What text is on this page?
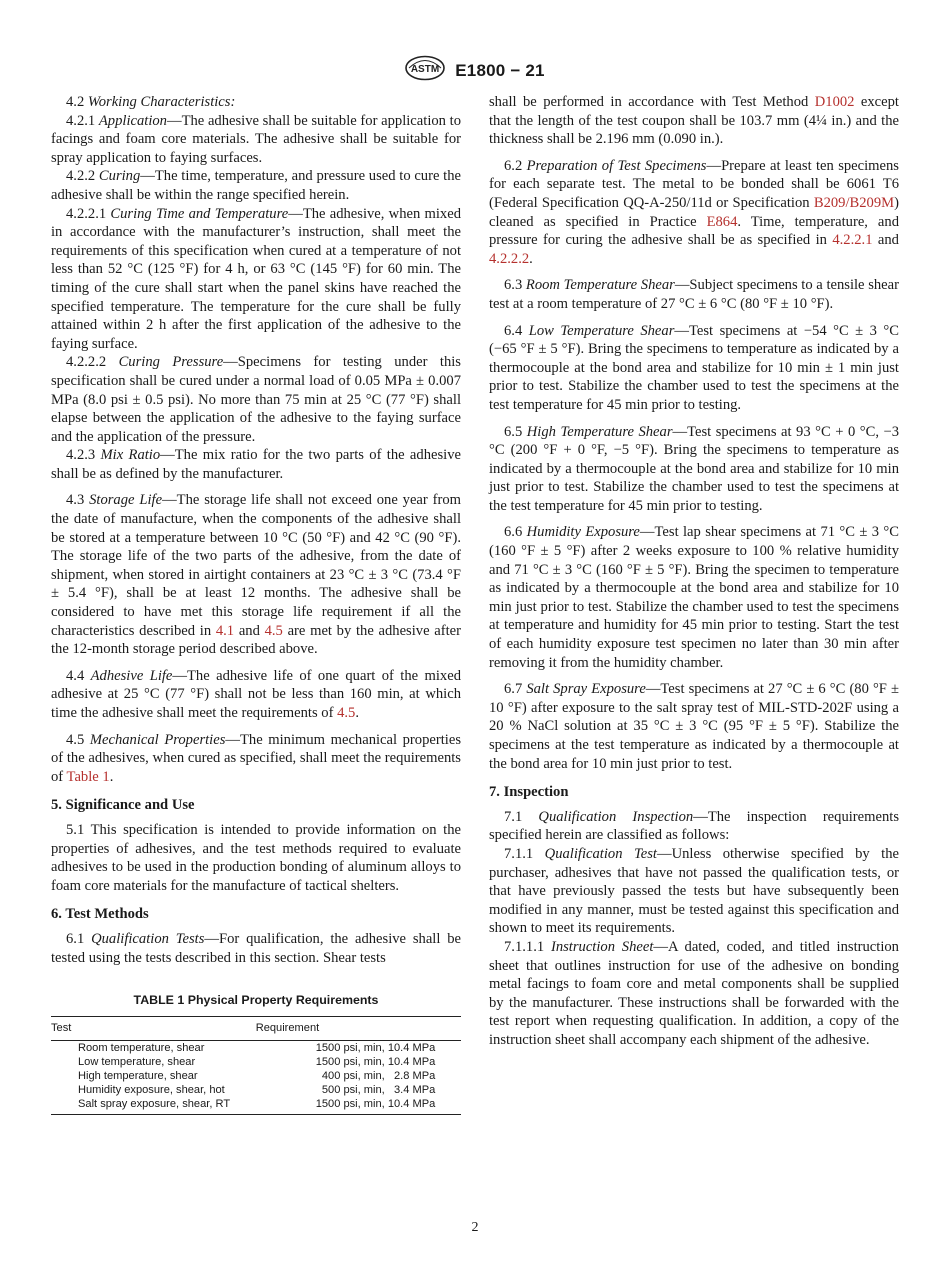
ASTM E1800 − 21

4.2 Working Characteristics:

4.2.1 Application—The adhesive shall be suitable for application to facings and foam core materials. The adhesive shall be suitable for spray application to faying surfaces.

4.2.2 Curing—The time, temperature, and pressure used to cure the adhesive shall be within the range specified herein.

4.2.2.1 Curing Time and Temperature—The adhesive, when mixed in accordance with the manufacturer’s instruction, shall meet the requirements of this specification when cured at a temperature of not less than 52 °C (125 °F) for 4 h, or 63 °C (145 °F) for 60 min. The timing of the cure shall start when the panel skins have reached the specified temperature. The temperature for the cure shall be fully attained within 2 h after the first application of the adhesive to the faying surface.

4.2.2.2 Curing Pressure—Specimens for testing under this specification shall be cured under a normal load of 0.05 MPa ± 0.007 MPa (8.0 psi ± 0.5 psi). No more than 75 min at 25 °C (77 °F) shall elapse between the application of the adhesive to the faying surface and the application of the pressure.

4.2.3 Mix Ratio—The mix ratio for the two parts of the adhesive shall be as defined by the manufacturer.

4.3 Storage Life—The storage life shall not exceed one year from the date of manufacture, when the components of the adhesive shall be stored at a temperature between 10 °C (50 °F) and 42 °C (90 °F). The storage life of the two parts of the adhesive, from the date of shipment, when stored in airtight containers at 23 °C ± 3 °C (73.4 °F ± 5.4 °F), shall be at least 12 months. The adhesive shall be considered to have met this storage life requirement if all the characteristics described in 4.1 and 4.5 are met by the adhesive after the 12-month storage period described above.

4.4 Adhesive Life—The adhesive life of one quart of the mixed adhesive at 25 °C (77 °F) shall not be less than 160 min, at which time the adhesive shall meet the requirements of 4.5.

4.5 Mechanical Properties—The minimum mechanical properties of the adhesives, when cured as specified, shall meet the requirements of Table 1.

5. Significance and Use

5.1 This specification is intended to provide information on the properties of adhesives, and the test methods required to evaluate adhesives to be used in the production bonding of aluminum alloys to foam core materials for the manufacture of tactical shelters.

6. Test Methods

6.1 Qualification Tests—For qualification, the adhesive shall be tested using the tests described in this section. Shear tests

TABLE 1 Physical Property Requirements
Test	Requirement
Room temperature, shear	1500 psi, min, 10.4 MPa
Low temperature, shear	1500 psi, min, 10.4 MPa
High temperature, shear	400 psi, min,   2.8 MPa
Humidity exposure, shear, hot	500 psi, min,   3.4 MPa
Salt spray exposure, shear, RT	1500 psi, min, 10.4 MPa

shall be performed in accordance with Test Method D1002 except that the length of the test coupon shall be 103.7 mm (4¼ in.) and the thickness shall be 2.196 mm (0.090 in.).

6.2 Preparation of Test Specimens—Prepare at least ten specimens for each separate test. The metal to be bonded shall be 6061 T6 (Federal Specification QQ-A-250/11d or Specification B209/B209M) cleaned as specified in Practice E864. Time, temperature, and pressure for curing the adhesive shall be as specified in 4.2.2.1 and 4.2.2.2.

6.3 Room Temperature Shear—Subject specimens to a tensile shear test at a room temperature of 27 °C ± 6 °C (80 °F ± 10 °F).

6.4 Low Temperature Shear—Test specimens at −54 °C ± 3 °C (−65 °F ± 5 °F). Bring the specimens to temperature as indicated by a thermocouple at the bond area and stabilize for 10 min ± 1 min just prior to test. Stabilize the chamber used to test the specimens at the test temperature for 45 min prior to testing.

6.5 High Temperature Shear—Test specimens at 93 °C + 0 °C, −3 °C (200 °F + 0 °F, −5 °F). Bring the specimens to temperature as indicated by a thermocouple at the bond area and stabilize for 10 min just prior to test. Stabilize the chamber used to test the specimens at the test temperature for 45 min prior to testing.

6.6 Humidity Exposure—Test lap shear specimens at 71 °C ± 3 °C (160 °F ± 5 °F) after 2 weeks exposure to 100 % relative humidity and 71 °C ± 3 °C (160 °F ± 5 °F). Bring the specimen to temperature as indicated by a thermocouple at the bond area and stabilize for 10 min just prior to test. Stabilize the chamber used to test the specimens at temperature and humidity for 45 min prior to testing. Start the test of each humidity exposure test specimen no later than 30 min after removing it from the humidity chamber.

6.7 Salt Spray Exposure—Test specimens at 27 °C ± 6 °C (80 °F ± 10 °F) after exposure to the salt spray test of MIL-STD-202F using a 20 % NaCl solution at 35 °C ± 3 °C (95 °F ± 5 °F). Stabilize the specimens at the test temperature as indicated by a thermocouple at the bond area for 10 min just prior to test.

7. Inspection

7.1 Qualification Inspection—The inspection requirements specified herein are classified as follows:

7.1.1 Qualification Test—Unless otherwise specified by the purchaser, adhesives that have not passed the qualification tests, or that have previously passed the tests but have subsequently been modified in any manner, must be tested against this specification and shown to meet its requirements.

7.1.1.1 Instruction Sheet—A dated, coded, and titled instruction sheet that outlines instruction for use of the adhesive on bonding metal facings to foam core and metal components shall be supplied by the manufacturer. These instructions shall be forwarded with the test report when requesting qualification. In addition, a copy of the instruction sheet shall accompany each shipment of the adhesive.

2
